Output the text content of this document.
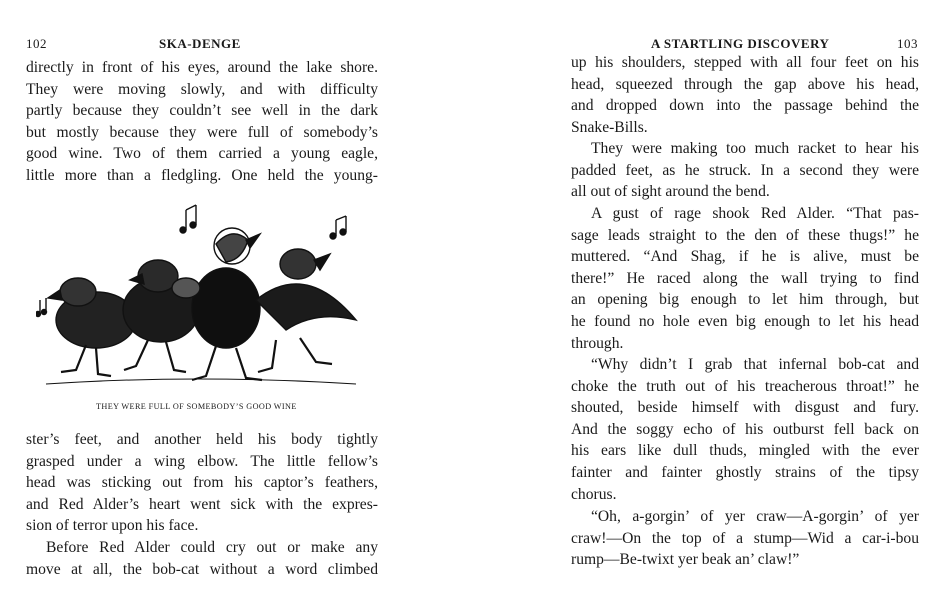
102	SKA-DENGE
directly in front of his eyes, around the lake shore.
They were moving slowly, and with difficulty
partly because they couldn’t see well in the dark
but mostly because they were full of somebody’s
good wine. Two of them carried a young eagle,
little more than a fledgling. One held the young-
THEY WERE FULL OF SOMEBODY’S GOOD WINE
ster’s feet, and another held his body tightly
grasped under a wing elbow. The little fellow’s
head was sticking out from his captor’s feathers,
and Red Alder’s heart went sick with the expres-
sion of terror upon his face.
Before Red Alder could cry out or make any
move at all, the bob-cat without a word climbed
A STARTLING DISCOVERY	103
up his shoulders, stepped with all four feet on his
head, squeezed through the gap above his head,
and dropped down into the passage behind the
Snake-Bills.
They were making too much racket to hear his
padded feet, as he struck. In a second they were
all out of sight around the bend.
A gust of rage shook Red Alder. “That pas-
sage leads straight to the den of these thugs!” he
muttered. “And Shag, if he is alive, must be
there!” He raced along the wall trying to find
an opening big enough to let him through, but
he found no hole even big enough to let his head
through.
“Why didn’t I grab that infernal bob-cat and
choke the truth out of his treacherous throat!” he
shouted, beside himself with disgust and fury.
And the soggy echo of his outburst fell back on
his ears like dull thuds, mingled with the ever
fainter and fainter ghostly strains of the tipsy
chorus.
“Oh, a-gorgin’ of yer craw—A-gorgin’ of yer
craw!—On the top of a stump—Wid a car-i-bou
rump—Be-twixt yer beak an’ claw!”
